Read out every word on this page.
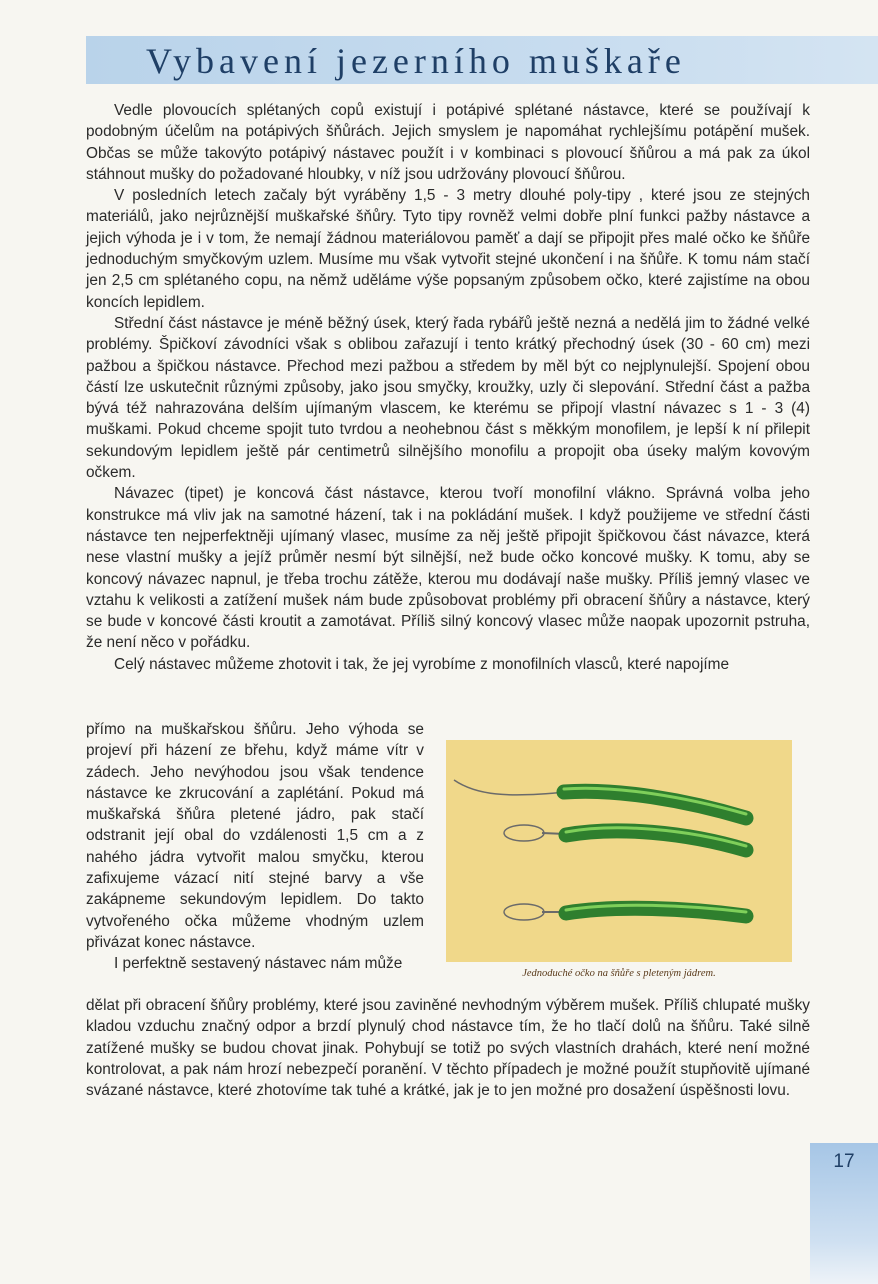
Vybavení jezerního muškaře

Vedle plovoucích splétaných copů existují i potápivé splétané nástavce, které se používají k podobným účelům na potápivých šňůrách. Jejich smyslem je napomáhat rychlejšímu potápění mušek. Občas se může takovýto potápivý nástavec použít i v kombinaci s plovoucí šňůrou a má pak za úkol stáhnout mušky do požadované hloubky, v níž jsou udržovány plovoucí šňůrou.

V posledních letech začaly být vyráběny 1,5 - 3 metry dlouhé poly-tipy , které jsou ze stejných materiálů, jako nejrůznější muškařské šňůry. Tyto tipy rovněž velmi dobře plní funkci pažby nástavce a jejich výhoda je i v tom, že nemají žádnou materiálovou paměť a dají se připojit přes malé očko ke šňůře jednoduchým smyčkovým uzlem. Musíme mu však vytvořit stejné ukončení i na šňůře. K tomu nám stačí jen 2,5 cm splétaného copu, na němž uděláme výše popsaným způsobem očko, které zajistíme na obou koncích lepidlem.

Střední část nástavce je méně běžný úsek, který řada rybářů ještě nezná a nedělá jim to žádné velké problémy. Špičkoví závodníci však s oblibou zařazují i tento krátký přechodný úsek (30 - 60 cm) mezi pažbou a špičkou nástavce. Přechod mezi pažbou a středem by měl být co nejplynulejší. Spojení obou částí lze uskutečnit různými způsoby, jako jsou smyčky, kroužky, uzly či slepování. Střední část a pažba bývá též nahrazována delším ujímaným vlascem, ke kterému se připojí vlastní návazec s 1 - 3 (4) muškami. Pokud chceme spojit tuto tvrdou a neohebnou část s měkkým monofilem, je lepší k ní přilepit sekundovým lepidlem ještě pár centimetrů silnějšího monofilu a propojit oba úseky malým kovovým očkem.

Návazec (tipet) je koncová část nástavce, kterou tvoří monofilní vlákno. Správná volba jeho konstrukce má vliv jak na samotné házení, tak i na pokládání mušek. I když použijeme ve střední části nástavce ten nejperfektněji ujímaný vlasec, musíme za něj ještě připojit špičkovou část návazce, která nese vlastní mušky a jejíž průměr nesmí být silnější, než bude očko koncové mušky. K tomu, aby se koncový návazec napnul, je třeba trochu zátěže, kterou mu dodávají naše mušky. Příliš jemný vlasec ve vztahu k velikosti a zatížení mušek nám bude způsobovat problémy při obracení šňůry a nástavce, který se bude v koncové části kroutit a zamotávat. Příliš silný koncový vlasec může naopak upozornit pstruha, že není něco v pořádku.

Celý nástavec můžeme zhotovit i tak, že jej vyrobíme z monofilních vlasců, které napojíme

přímo na muškařskou šňůru. Jeho výhoda se projeví při házení ze břehu, když máme vítr v zádech. Jeho nevýhodou jsou však tendence nástavce ke zkrucování a zaplétání. Pokud má muškařská šňůra pletené jádro, pak stačí odstranit její obal do vzdálenosti 1,5 cm a z nahého jádra vytvořit malou smyčku, kterou zafixujeme vázací nití stejné barvy a vše zakápneme sekundovým lepidlem. Do takto vytvořeného očka můžeme vhodným uzlem přivázat konec nástavce.

I perfektně sestavený nástavec nám může

Jednoduché očko na šňůře s pleteným jádrem.

dělat při obracení šňůry problémy, které jsou zaviněné nevhodným výběrem mušek. Příliš chlupaté mušky kladou vzduchu značný odpor a brzdí plynulý chod nástavce tím, že ho tlačí dolů na šňůru. Také silně zatížené mušky se budou chovat jinak. Pohybují se totiž po svých vlastních drahách, které není možné kontrolovat, a pak nám hrozí nebezpečí poranění. V těchto případech je možné použít stupňovitě ujímané svázané nástavce, které zhotovíme tak tuhé a krátké, jak je to jen možné pro dosažení úspěšnosti lovu.

17
